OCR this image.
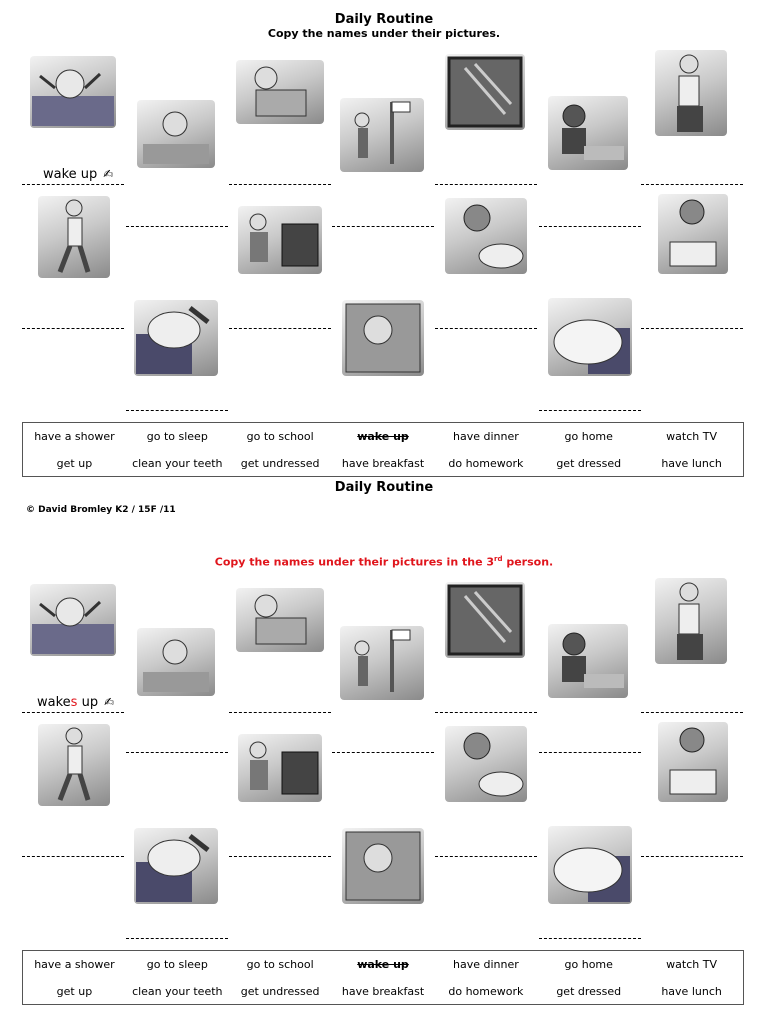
Daily Routine
Copy the names under their pictures.
wake up ✍
have a shower	go to sleep	go to school	wake up	have dinner	go home	watch TV
get up	clean your teeth	get undressed	have breakfast	do homework	get dressed	have lunch
Daily Routine
© David Bromley K2 / 15F /11
Copy the names under their pictures in the 3rd person.
wakes up ✍
have a shower	go to sleep	go to school	wake up	have dinner	go home	watch TV
get up	clean your teeth	get undressed	have breakfast	do homework	get dressed	have lunch
